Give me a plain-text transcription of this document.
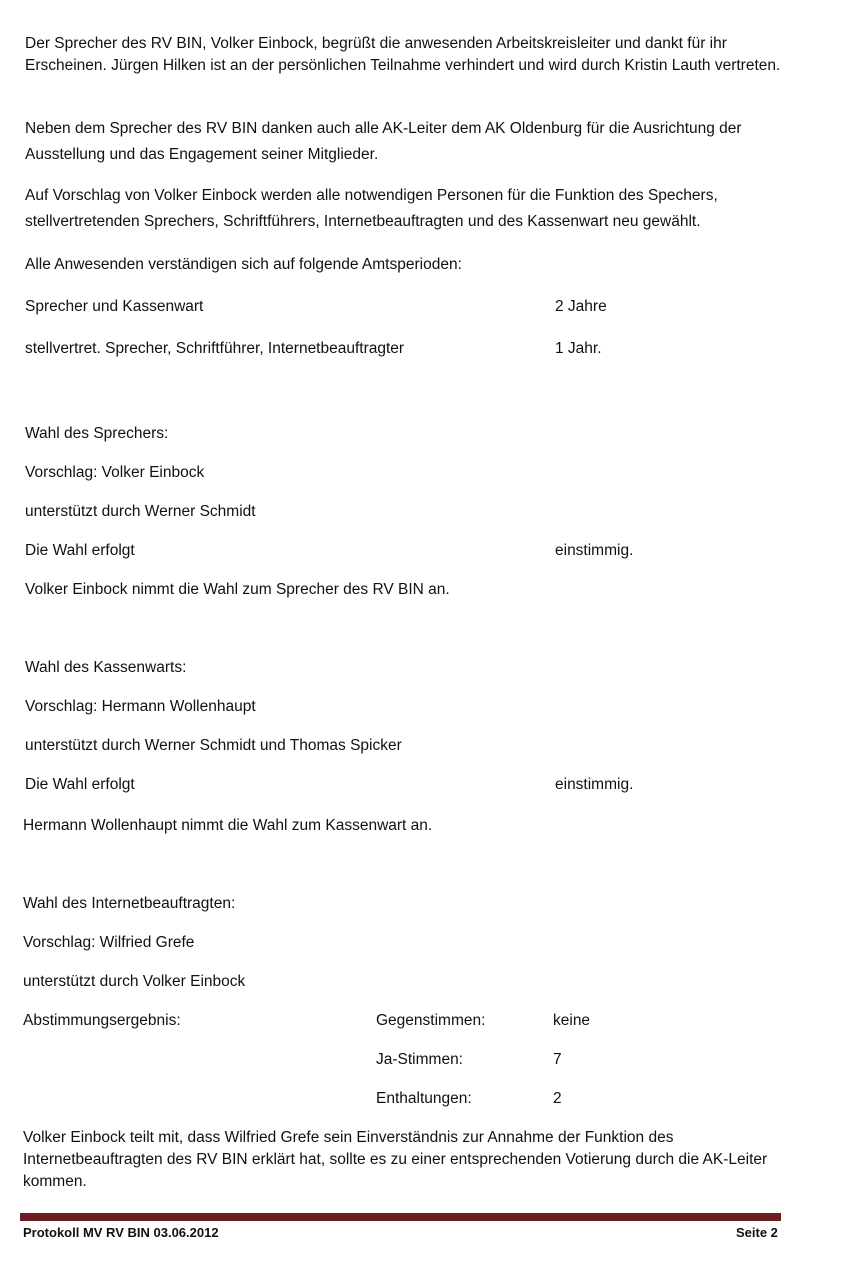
Der Sprecher des RV BIN, Volker Einbock, begrüßt die anwesenden Arbeitskreisleiter und dankt für ihr Erscheinen. Jürgen Hilken ist an der persönlichen Teilnahme verhindert und wird durch Kristin Lauth vertreten.
Neben dem Sprecher des RV BIN danken auch alle AK-Leiter dem AK Oldenburg für die Ausrichtung der Ausstellung und das Engagement seiner Mitglieder.
Auf Vorschlag von Volker Einbock werden alle notwendigen Personen für die Funktion des Spechers, stellvertretenden Sprechers, Schriftführers, Internetbeauftragten und des Kassenwart neu gewählt.
Alle Anwesenden verständigen sich auf folgende Amtsperioden:
Sprecher und Kassenwart	2 Jahre
stellvertret. Sprecher, Schriftführer, Internetbeauftragter	1 Jahr.
Wahl des Sprechers:
Vorschlag: Volker Einbock
unterstützt durch Werner Schmidt
Die Wahl erfolgt	einstimmig.
Volker Einbock nimmt die Wahl zum Sprecher des RV BIN an.
Wahl des Kassenwarts:
Vorschlag: Hermann Wollenhaupt
unterstützt durch Werner Schmidt und Thomas Spicker
Die Wahl erfolgt	einstimmig.
Hermann Wollenhaupt nimmt die Wahl zum Kassenwart an.
Wahl des Internetbeauftragten:
Vorschlag: Wilfried Grefe
unterstützt durch Volker Einbock
Abstimmungsergebnis:	Gegenstimmen:	keine
Ja-Stimmen:	7
Enthaltungen:	2
Volker Einbock teilt mit, dass Wilfried Grefe sein Einverständnis zur Annahme der Funktion des Internetbeauftragten des RV BIN erklärt hat, sollte es zu einer entsprechenden Votierung durch die AK-Leiter kommen.
Protokoll MV RV BIN 03.06.2012	Seite 2
